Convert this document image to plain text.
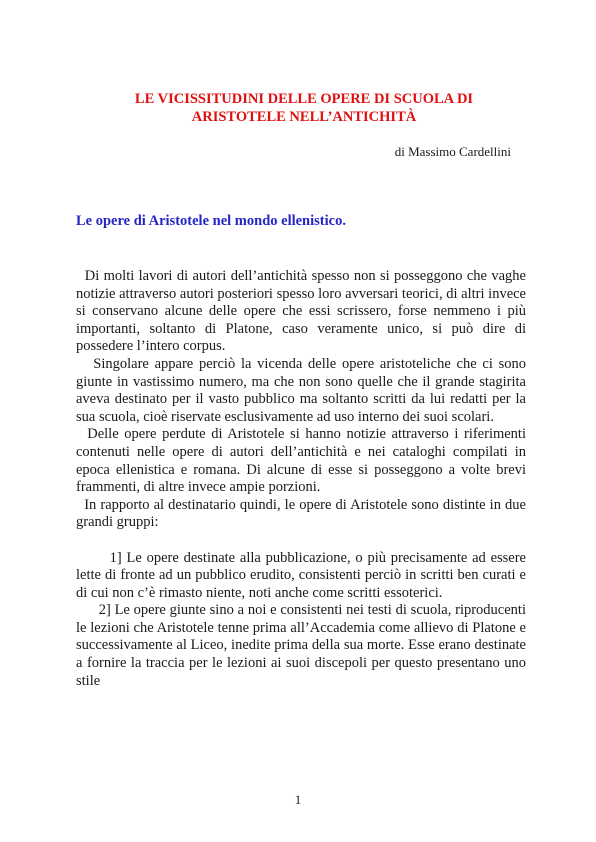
LE VICISSITUDINI DELLE OPERE DI SCUOLA DI
ARISTOTELE NELL’ANTICHITÀ

di Massimo Cardellini

Le opere di Aristotele nel mondo ellenistico.

Di molti lavori di autori dell’antichità spesso non si posseggono che vaghe notizie attraverso autori posteriori spesso loro avversari teorici, di altri invece si conservano alcune delle opere che essi scrissero, forse nemmeno i più importanti, soltanto di Platone, caso veramente unico, si può dire di possedere l’intero corpus.

Singolare appare perciò la vicenda delle opere aristoteliche che ci sono giunte in vastissimo numero, ma che non sono quelle che il grande stagirita aveva destinato per il vasto pubblico ma soltanto scritti da lui redatti per la sua scuola, cioè riservate esclusivamente ad uso interno dei suoi scolari.

Delle opere perdute di Aristotele si hanno notizie attraverso i riferimenti contenuti nelle opere di autori dell’antichità e nei cataloghi compilati in epoca ellenistica e romana. Di alcune di esse si posseggono a volte brevi frammenti, di altre invece ampie porzioni.

In rapporto al destinatario quindi, le opere di Aristotele sono distinte in due grandi gruppi:

1] Le opere destinate alla pubblicazione, o più precisamente ad essere lette di fronte ad un pubblico erudito, consistenti perciò in scritti ben curati e di cui non c’è rimasto niente, noti anche come scritti essoterici.

2] Le opere giunte sino a noi e consistenti nei testi di scuola, riproducenti le lezioni che Aristotele tenne prima all’Accademia come allievo di Platone e successivamente al Liceo, inedite prima della sua morte. Esse erano destinate a fornire la traccia per le lezioni ai suoi discepoli per questo presentano uno stile

1
